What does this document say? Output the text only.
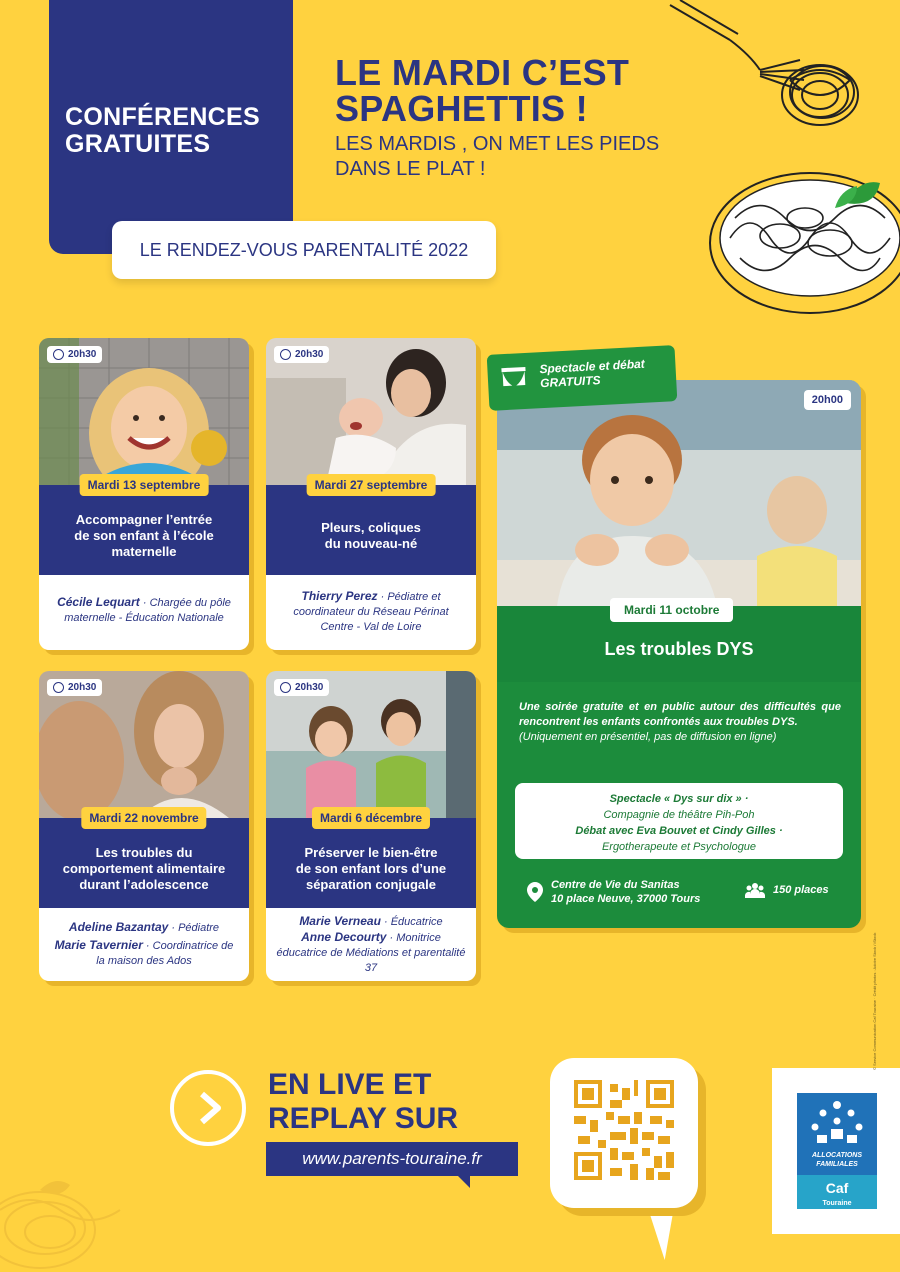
CONFÉRENCES
GRATUITES
LE RENDEZ-VOUS PARENTALITÉ 2022
LE MARDI C’EST
SPAGHETTIS !
LES MARDIS , ON MET LES PIEDS
DANS LE PLAT !
20h30
Mardi 13 septembre
Accompagner l’entrée
de son enfant à l’école
maternelle
Cécile Lequart · Chargée du pôle maternelle - Éducation Nationale
20h30
Mardi 27 septembre
Pleurs, coliques
du nouveau-né
Thierry Perez · Pédiatre et coordinateur du Réseau Périnat Centre - Val de Loire
20h30
Mardi 22 novembre
Les troubles du
comportement alimentaire
durant l’adolescence
Adeline Bazantay · Pédiatre
Marie Tavernier · Coordinatrice de la maison des Ados
20h30
Mardi 6 décembre
Préserver le bien-être
de son enfant lors d’une
séparation conjugale
Marie Verneau · Éducatrice
Anne Decourty · Monitrice éducatrice de Médiations et parentalité 37
Spectacle et débat
GRATUITS
20h00
Mardi 11 octobre
Les troubles DYS
Une soirée gratuite et en public autour des difficultés que rencontrent les enfants confrontés aux troubles DYS.
(Uniquement en présentiel, pas de diffusion en ligne)
Spectacle « Dys sur dix » ·
Compagnie de théâtre Pih-Poh
Débat avec Eva Bouvet et Cindy Gilles ·
Ergotherapeute et Psychologue
Centre de Vie du Sanitas
10 place Neuve, 37000 Tours
150 places
EN LIVE ET
REPLAY SUR
www.parents-touraine.fr	ALLOCATIONS
FAMILIALES
Caf
Touraine
© Service Communication Caf Touraine · Crédit photos : Adobe Stock / iStock
